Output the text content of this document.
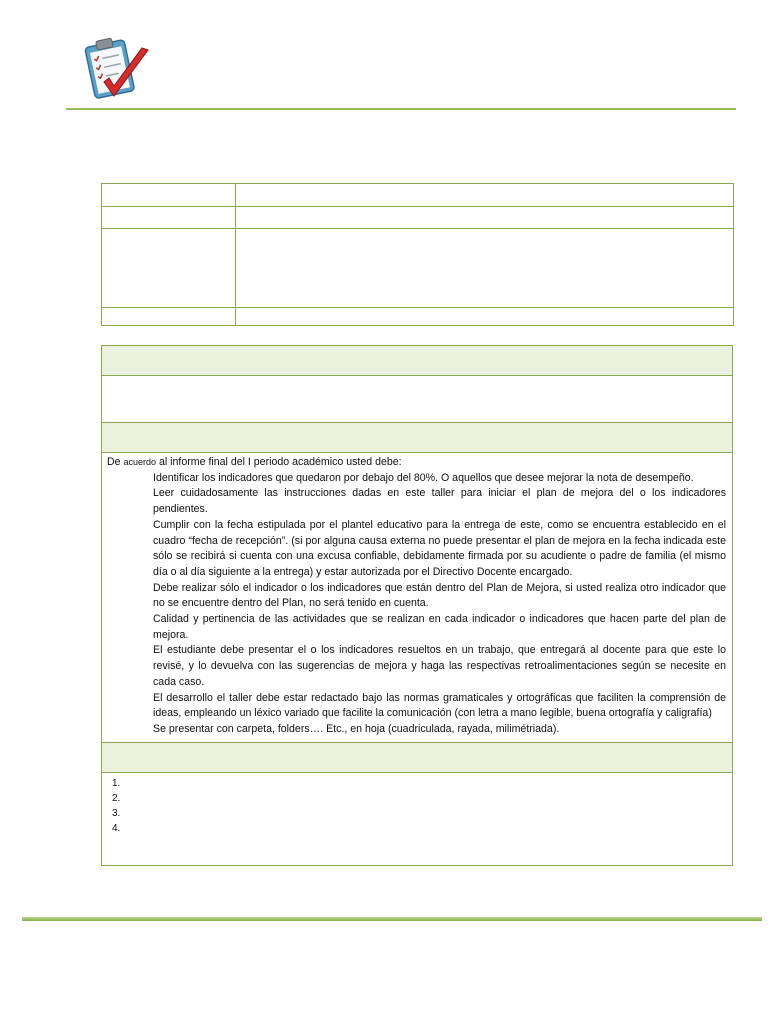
De acuerdo al informe final del I periodo académico usted debe:
Identificar los indicadores que quedaron por debajo del 80%. O aquellos que desee mejorar la nota de desempeño.
Leer cuidadosamente las instrucciones dadas en este taller para iniciar el plan de mejora del o los indicadores pendientes.
Cumplir con la fecha estipulada por el plantel educativo para la entrega de este, como se encuentra establecido en el cuadro “fecha de recepción”. (si por alguna causa externa no puede presentar el plan de mejora en la fecha indicada este sólo se recibirá si cuenta con una excusa confiable, debidamente firmada por su acudiente o padre de familia (el mismo día o al día siguiente a la entrega) y estar autorizada por el Directivo Docente encargado.
Debe realizar sólo el indicador o los indicadores que están dentro del Plan de Mejora, si usted realiza otro indicador que no se encuentre dentro del Plan, no será tenido en cuenta.
Calidad y pertinencia de las actividades que se realizan en cada indicador o indicadores que hacen parte del plan de mejora.
El estudiante debe presentar el o los indicadores resueltos en un trabajo, que entregará al docente para que este lo revisé, y lo devuelva con las sugerencias de mejora y haga las respectivas retroalimentaciones según se necesite en cada caso.
El desarrollo el taller debe estar redactado bajo las normas gramaticales y ortográficas que faciliten la comprensión de ideas, empleando un léxico variado que facilite la comunicación (con letra a mano legible, buena ortografía y caligrafía)
Se presentar con carpeta, folders…. Etc., en hoja (cuadriculada, rayada, milimétriada).

1.
2.
3.
4.
